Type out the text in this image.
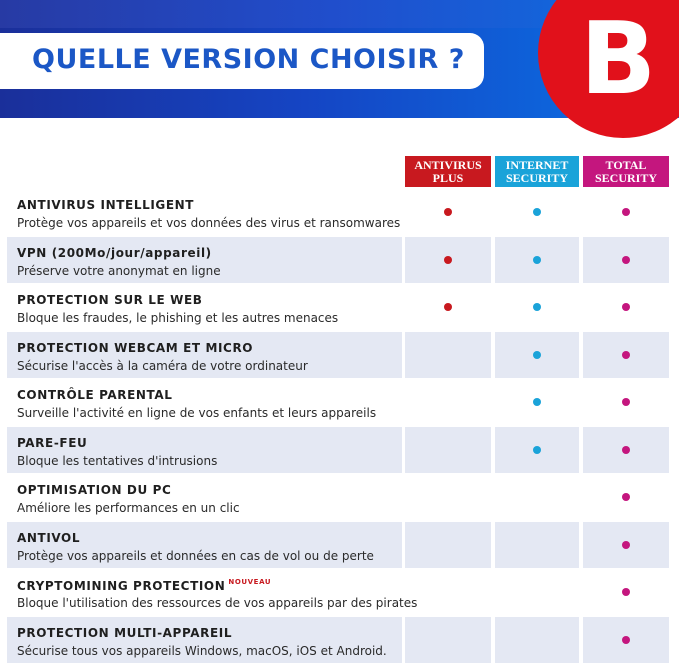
QUELLE VERSION CHOISIR ? B
ANTIVIRUS
PLUS
INTERNET
SECURITY
TOTAL
SECURITY
ANTIVIRUS INTELLIGENT
Protège vos appareils et vos données des virus et ransomwares
VPN (200Mo/jour/appareil)
Préserve votre anonymat en ligne
PROTECTION SUR LE WEB
Bloque les fraudes, le phishing et les autres menaces
PROTECTION WEBCAM ET MICRO
Sécurise l'accès à la caméra de votre ordinateur
CONTRÔLE PARENTAL
Surveille l'activité en ligne de vos enfants et leurs appareils
PARE-FEU
Bloque les tentatives d'intrusions
OPTIMISATION DU PC
Améliore les performances en un clic
ANTIVOL
Protège vos appareils et données en cas de vol ou de perte
CRYPTOMINING PROTECTION $^{NOUVEAU}$
Bloque l'utilisation des ressources de vos appareils par des pirates
PROTECTION MULTI-APPAREIL
Sécurise tous vos appareils Windows, macOS, iOS et Android.
